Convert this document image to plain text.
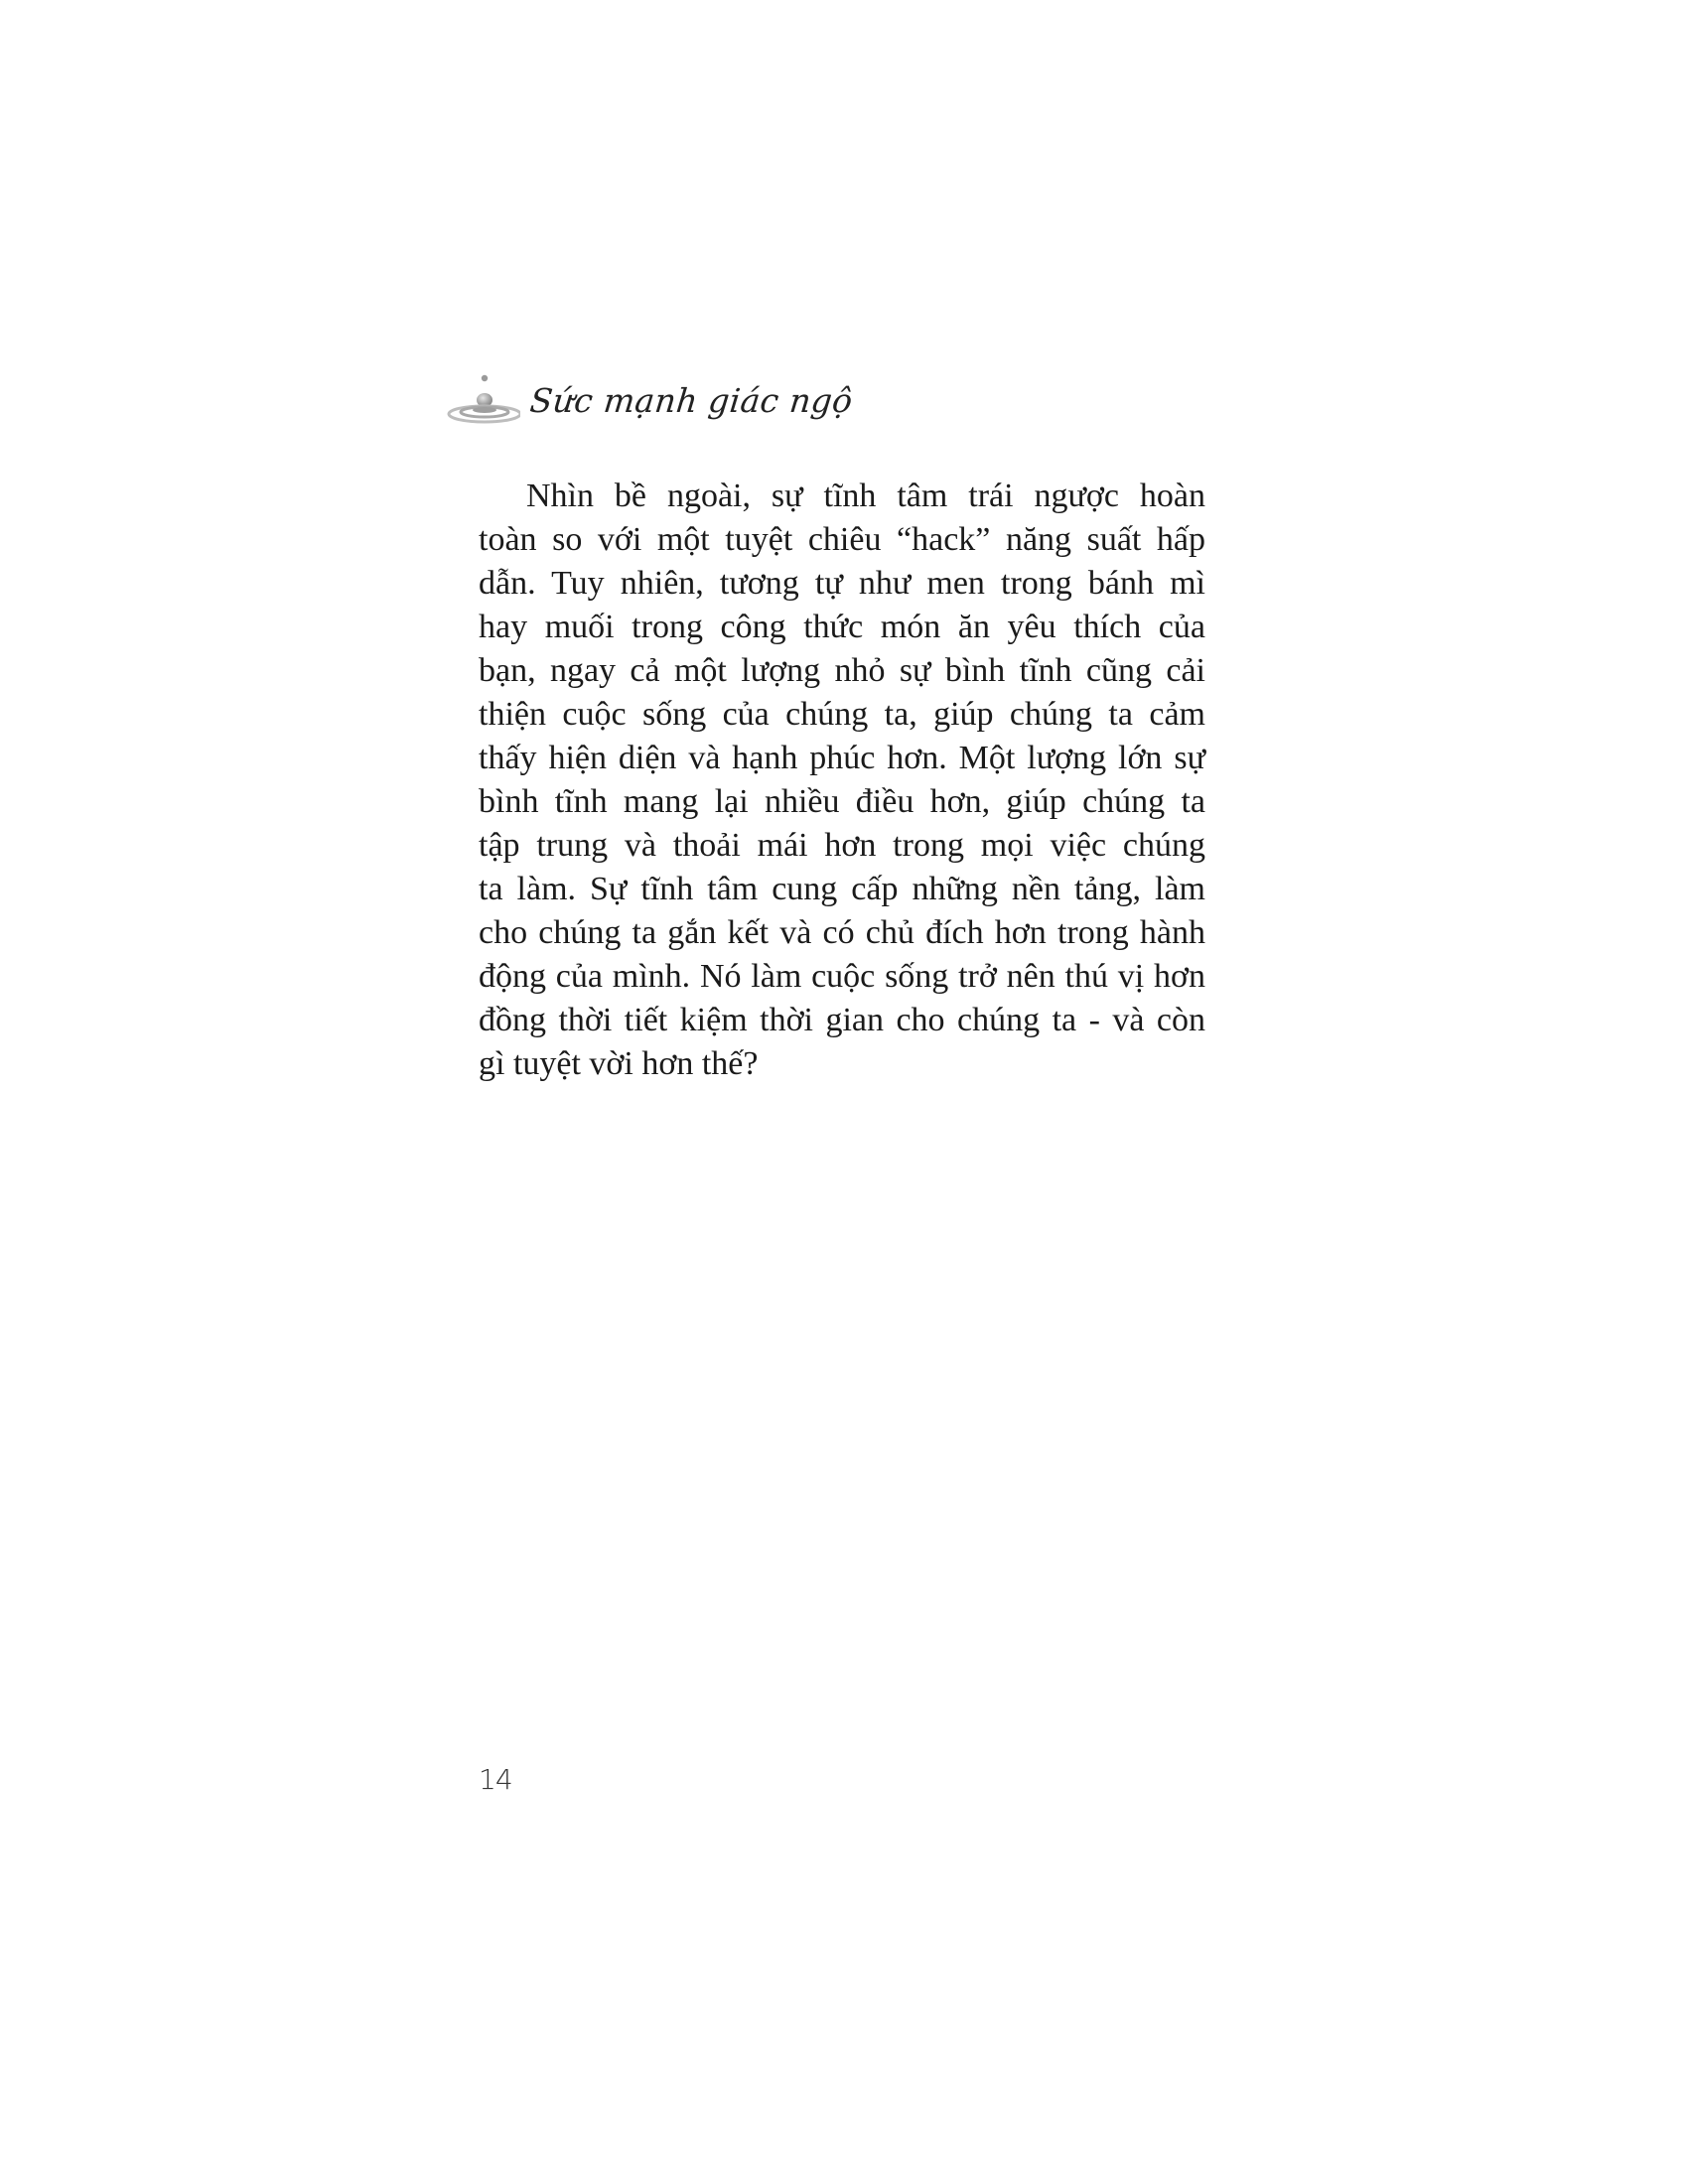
Sức mạnh giác ngộ
Nhìn bề ngoài, sự tĩnh tâm trái ngược hoàn
toàn so với một tuyệt chiêu “hack” năng suất hấp
dẫn. Tuy nhiên, tương tự như men trong bánh mì
hay muối trong công thức món ăn yêu thích của
bạn, ngay cả một lượng nhỏ sự bình tĩnh cũng cải
thiện cuộc sống của chúng ta, giúp chúng ta cảm
thấy hiện diện và hạnh phúc hơn. Một lượng lớn sự
bình tĩnh mang lại nhiều điều hơn, giúp chúng ta
tập trung và thoải mái hơn trong mọi việc chúng
ta làm. Sự tĩnh tâm cung cấp những nền tảng, làm
cho chúng ta gắn kết và có chủ đích hơn trong hành
động của mình. Nó làm cuộc sống trở nên thú vị hơn
đồng thời tiết kiệm thời gian cho chúng ta - và còn
gì tuyệt vời hơn thế?
14
